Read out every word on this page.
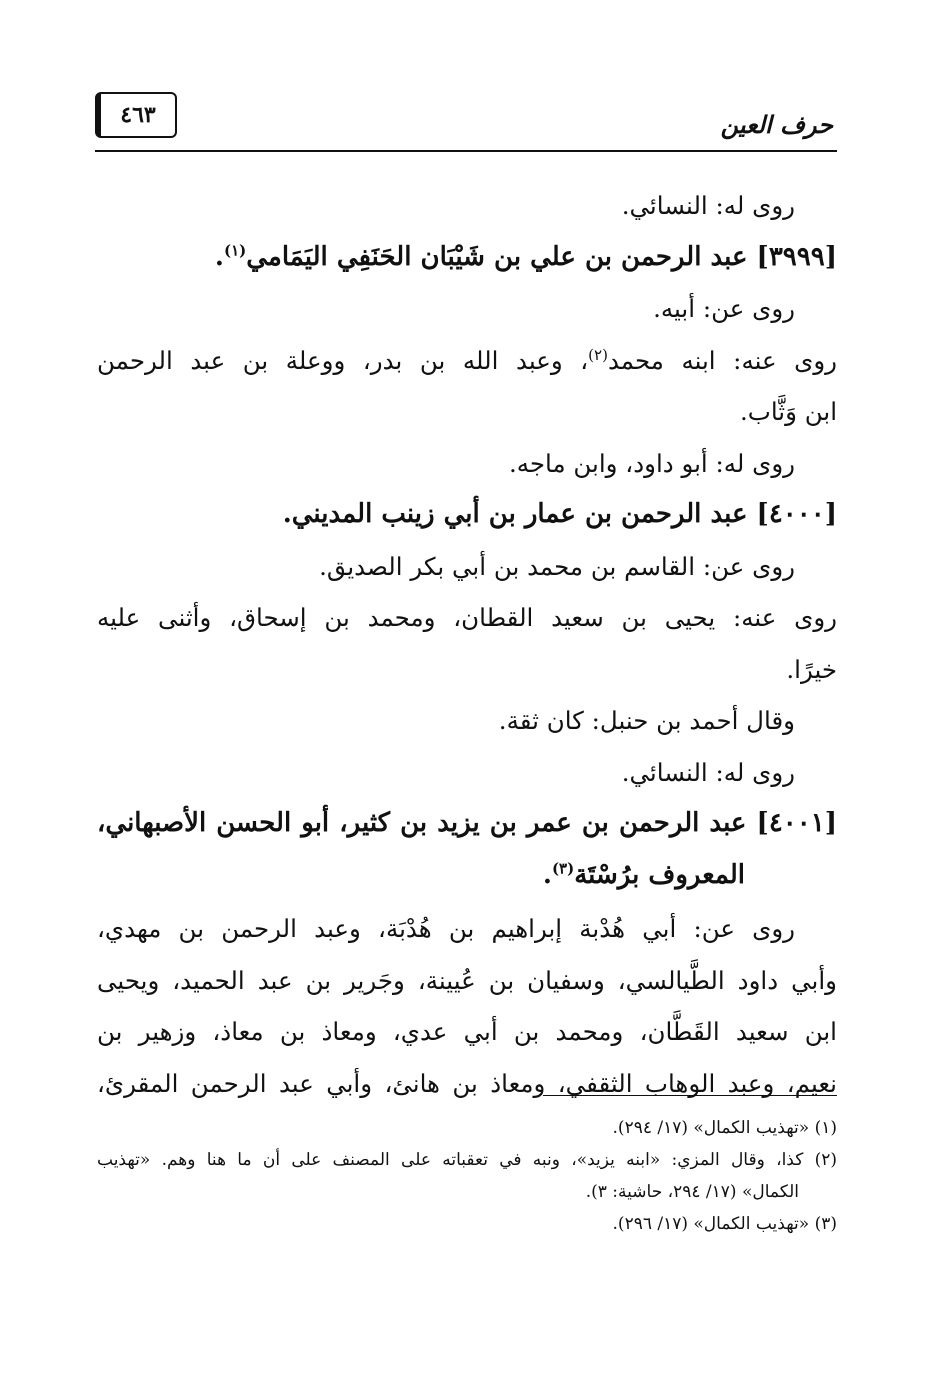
٤٦٣	حرف العين
روى له: النسائي.
[٣٩٩٩] عبد الرحمن بن علي بن شَيْبَان الحَنَفِي اليَمَامي$^{(١)}$.
روى عن: أبيه.
روى عنه: ابنه محمد$^{(٢)}$، وعبد الله بن بدر، ووعلة بن عبد الرحمن
ابن وَثَّاب.
روى له: أبو داود، وابن ماجه.
[٤٠٠٠] عبد الرحمن بن عمار بن أبي زينب المديني.
روى عن: القاسم بن محمد بن أبي بكر الصديق.
روى عنه: يحيى بن سعيد القطان، ومحمد بن إسحاق، وأثنى عليه
خيرًا.
وقال أحمد بن حنبل: كان ثقة.
روى له: النسائي.
[٤٠٠١] عبد الرحمن بن عمر بن يزيد بن كثير، أبو الحسن الأصبهاني،
المعروف برُسْتَة$^{(٣)}$.
روى عن: أبي هُدْبة إبراهيم بن هُدْبَة، وعبد الرحمن بن مهدي،
وأبي داود الطَّيالسي، وسفيان بن عُيينة، وجَرير بن عبد الحميد، ويحيى
ابن سعيد القَطَّان، ومحمد بن أبي عدي، ومعاذ بن معاذ، وزهير بن
نعيم، وعبد الوهاب الثقفي، ومعاذ بن هانئ، وأبي عبد الرحمن المقرئ،
(١) «تهذيب الكمال» (١٧/ ٢٩٤).
(٢) كذا، وقال المزي: «ابنه يزيد»، ونبه في تعقباته على المصنف على أن ما هنا وهم. «تهذيب
الكمال» (١٧/ ٢٩٤، حاشية: ٣).
(٣) «تهذيب الكمال» (١٧/ ٢٩٦).
